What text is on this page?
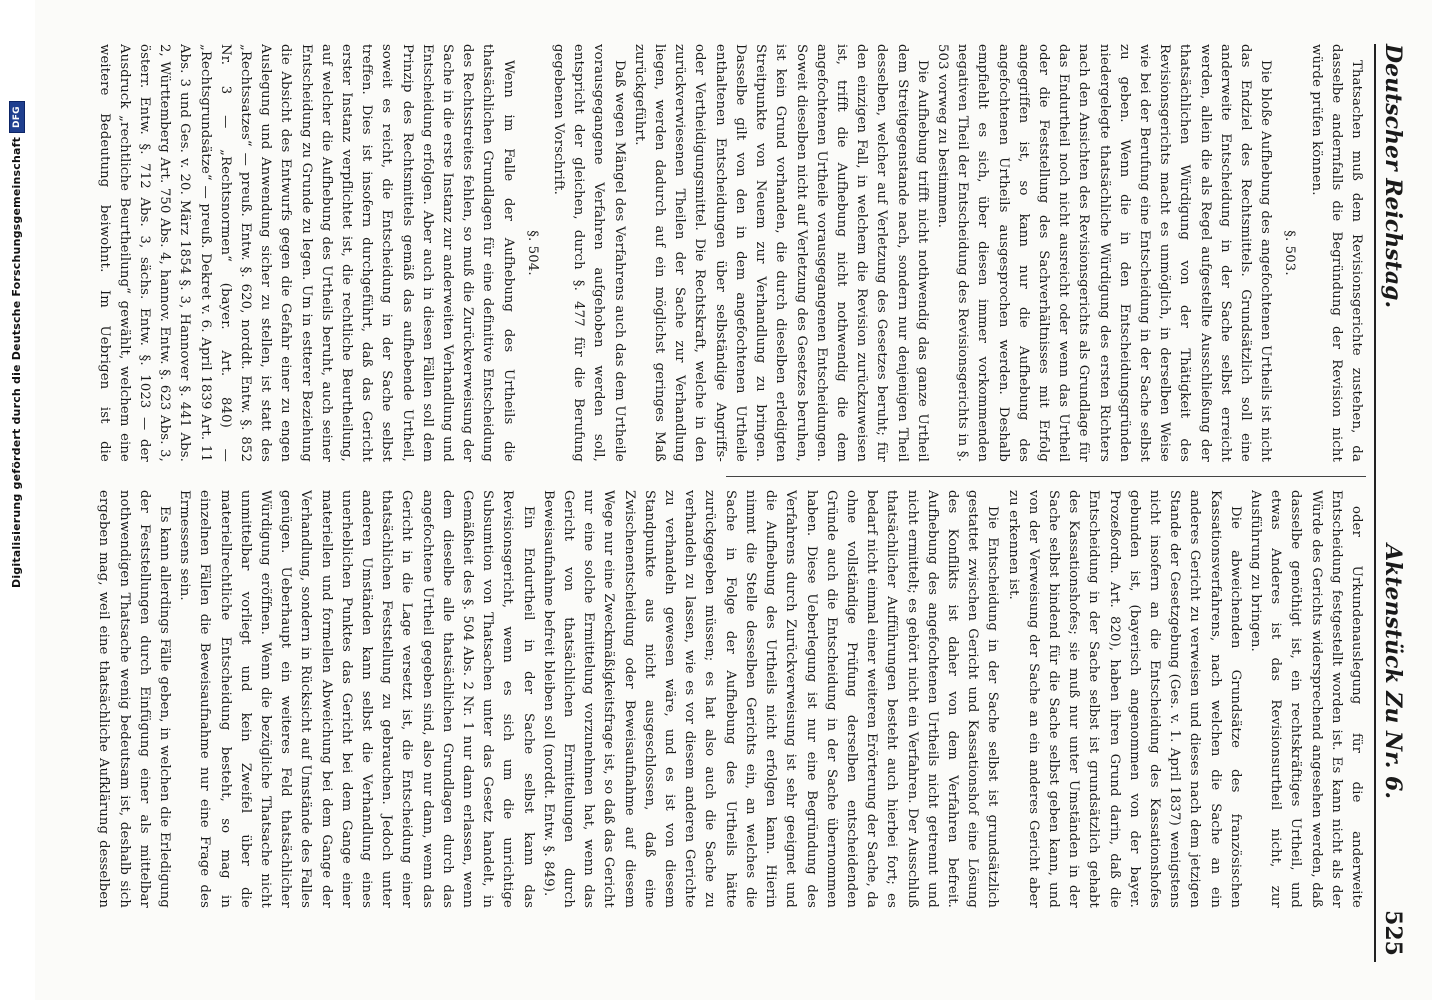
Deutscher Reichstag.
Aktenstück Zu Nr. 6.
525

Thatsachen muß dem Revisionsgerichte zustehen, da dasselbe andernfalls die Begründung der Revision nicht würde prüfen können.

§. 503.

Die bloße Aufhebung des angefochtenen Urtheils ist nicht das Endziel des Rechtsmittels. Grundsätzlich soll eine anderweite Entscheidung in der Sache selbst erreicht werden, allein die als Regel aufgestellte Ausschließung der thatsächlichen Würdigung von der Thätigkeit des Revisionsgerichts macht es unmöglich, in derselben Weise wie bei der Berufung eine Entscheidung in der Sache selbst zu geben. Wenn die in den Entscheidungsgründen niedergelegte thatsächliche Würdigung des ersten Richters nach den Ansichten des Revisionsgerichts als Grundlage für das Endurtheil noch nicht ausreicht oder wenn das Urtheil oder die Feststellung des Sachverhältnisses mit Erfolg angegriffen ist, so kann nur die Aufhebung des angefochtenen Urtheils ausgesprochen werden. Deshalb empfiehlt es sich, über diesen immer vorkommenden negativen Theil der Entscheidung des Revisionsgerichts in §. 503 vorweg zu bestimmen.

Die Aufhebung trifft nicht nothwendig das ganze Urtheil dem Streitgegenstande nach, sondern nur denjenigen Theil desselben, welcher auf Verletzung des Gesetzes beruht; für den einzigen Fall, in welchem die Revision zurückzuweisen ist, trifft die Aufhebung nicht nothwendig die dem angefochtenen Urtheile vorausgegangenen Entscheidungen. Soweit dieselben nicht auf Verletzung des Gesetzes beruhen, ist kein Grund vorhanden, die durch dieselben erledigten Streitpunkte von Neuem zur Verhandlung zu bringen. Dasselbe gilt von den in dem angefochtenen Urtheile enthaltenen Entscheidungen über selbständige Angriffs- oder Vertheidigungsmittel. Die Rechtskraft, welche in den zurückverwiesenen Theilen der Sache zur Verhandlung liegen, werden dadurch auf ein möglichst geringes Maß zurückgeführt.

Daß wegen Mängel des Verfahrens auch das dem Urtheile vorausgegangene Verfahren aufgehoben werden soll, entspricht der gleichen, durch §. 477 für die Berufung gegebenen Vorschrift.

§. 504.

Wenn im Falle der Aufhebung des Urtheils die thatsächlichen Grundlagen für eine definitive Entscheidung des Rechtsstreites fehlen, so muß die Zurückverweisung der Sache in die erste Instanz zur anderweiten Verhandlung und Entscheidung erfolgen. Aber auch in diesen Fällen soll dem Prinzip des Rechtsmittels gemäß das aufhebende Urtheil, soweit es reicht, die Entscheidung in der Sache selbst treffen. Dies ist insofern durchgeführt, daß das Gericht erster Instanz verpflichtet ist, die rechtliche Beurtheilung, auf welcher die Aufhebung des Urtheils beruht, auch seiner Entscheidung zu Grunde zu legen. Um in estterer Beziehung die Absicht des Entwurfs gegen die Gefahr einer zu engen Auslegung und Anwendung sicher zu stellen, ist statt des „Rechtssatzes“ — preuß. Entw. §. 620, norddt. Entw. §. 852 Nr. 3 — „Rechtsnormen“ (bayer. Art. 840) — „Rechtsgrundsätze“ — preuß. Dekret v. 6. April 1839 Art. 11 Abs. 3 und Ges. v. 20. März 1854 §. 3, Hannover §. 441 Abs. 2, Württemberg Art. 750 Abs. 4, hannov. Entw. §. 623 Abs. 3, österr. Entw. §. 712 Abs. 3, sächs. Entw. §. 1023 — der Ausdruck „rechtliche Beurtheilung“ gewählt, welchem eine weitere Bedeutung beiwohnt. Im Uebrigen ist die

oder Urkundenauslegung für die anderweite Entscheidung festgestellt worden ist. Es kann nicht als der Würde des Gerichts widersprechend angesehen werden, daß dasselbe genöthigt ist, ein rechtskräftiges Urtheil, und etwas Anderes ist das Revisionsurtheil nicht, zur Ausführung zu bringen.

Die abweichenden Grundsätze des französischen Kassationsverfahrens, nach welchen die Sache an ein anderes Gericht zu verweisen und dieses nach dem jetzigen Stande der Gesetzgebung (Ges. v. 1. April 1837) wenigstens nicht insofern an die Entscheidung des Kassationshofes gebunden ist, (bayerisch angenommen von der bayer. Prozeßordn. Art. 820), haben ihren Grund darin, daß die Entscheidung in der Sache selbst ist grundsätzlich gehabt des Kassationshofes; sie muß nur unter Umständen in der Sache selbst bindend für die Sache selbst geben kann, und von der Verweisung der Sache an ein anderes Gericht aber zu erkennen ist.

Die Entscheidung in der Sache selbst ist grundsätzlich gestattet zwischen Gericht und Kassationshof eine Lösung des Konflikts ist daher von dem Verfahren befreit. Aufhebung des angefochtenen Urtheils nicht getrennt und nicht ermittelt; es gehört nicht ein Verfahren. Der Ausschluß thatsächlicher Aufführungen besteht auch hierbei fort; es bedarf nicht einmal einer weiteren Erörterung der Sache, da ohne vollständige Prüfung derselben entscheidenden Gründe auch die Entscheidung in der Sache übernommen haben. Diese Ueberlegung ist nur eine Begründung des Verfahrens durch Zurückverweisung ist sehr geeignet und die Aufhebung des Urtheils nicht erfolgen kann. Hierin nimmt die Stelle desselben Gerichts ein, an welches die Sache in Folge der Aufhebung des Urtheils hätte zurückgegeben müssen; es hat also auch die Sache zu verhandeln zu lassen, wie es vor diesem anderen Gerichte zu verhandeln gewesen wäre, und es ist von diesem Standpunkte aus nicht ausgeschlossen, daß eine Zwischenentscheidung oder Beweisaufnahme auf diesem Wege nur eine Zweckmäßigkeitsfrage ist, so daß das Gericht nur eine solche Ermittelung vorzunehmen hat, wenn das Gericht von thatsächlichen Ermittelungen durch Beweisaufnahme befreit bleiben soll (norddt. Entw. §. 849).

Ein Endurtheil in der Sache selbst kann das Revisionsgericht, wenn es sich um die unrichtige Subsumtion von Thatsachen unter das Gesetz handelt, in Gemäßheit des §. 504 Abs. 2 Nr. 1 nur dann erlassen, wenn dem dieselbe alle thatsächlichen Grundlagen durch das angefochtene Urtheil gegeben sind, also nur dann, wenn das Gericht in die Lage versetzt ist, die Entscheidung einer thatsächlichen Feststellung zu gebrauchen. Jedoch unter anderen Umständen kann selbst die Verhandlung eines unerheblichen Punktes das Gericht bei dem Gange einer materiellen und formellen Abweichung bei dem Gange der Verhandlung, sondern in Rücksicht auf Umstände des Falles genügen. Ueberhaupt ein weiteres Feld thatsächlicher Würdigung eröffnen. Wenn die bezügliche Thatsache nicht unmittelbar vorliegt und kein Zweifel über die materiellrechtliche Entscheidung besteht, so mag in einzelnen Fällen die Beweisaufnahme nur eine Frage des Ermessens sein.

Es kann allerdings Fälle geben, in welchen die Erledigung der Feststellungen durch Einfügung einer als mittelbar nothwendigen Thatsache wenig bedeutsam ist, deshalb sich ergeben mag, weil eine thatsächliche Aufklärung desselben

Digitalisierung gefördert durch die Deutsche ForschungsgemeinschaftDFG
